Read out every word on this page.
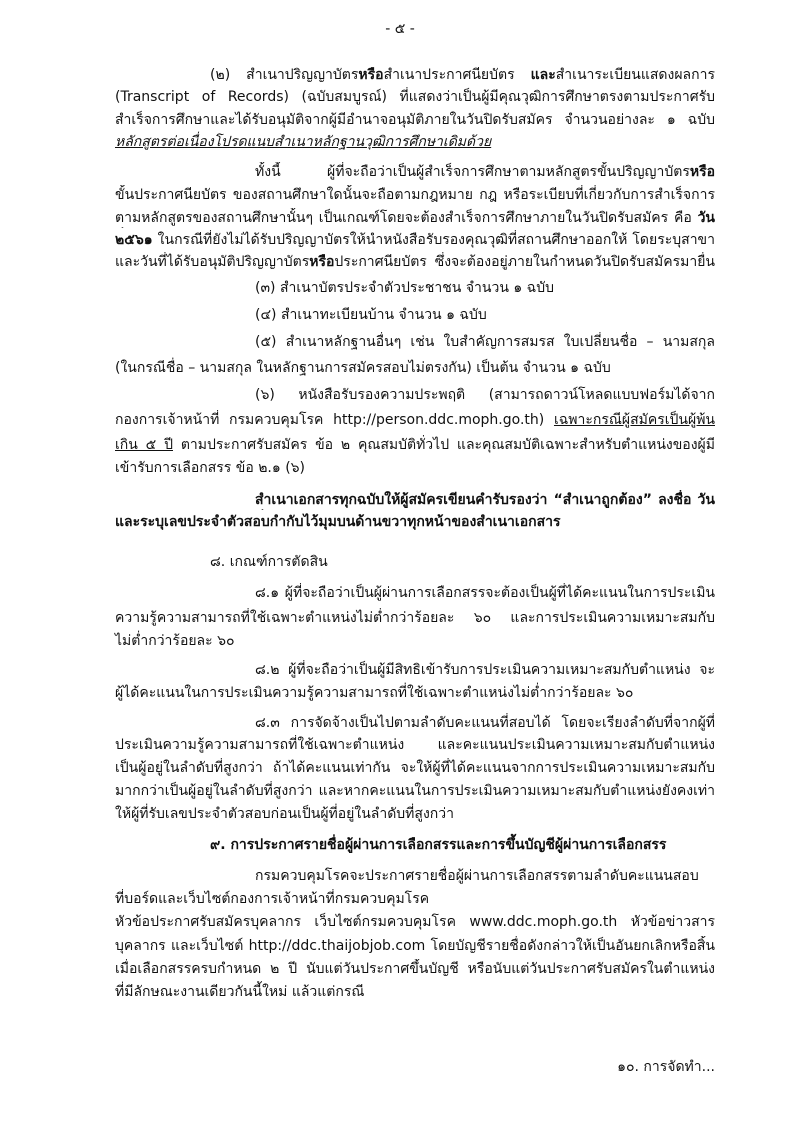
- ๕ -
(๒) สำเนาปริญญาบัตรหรือสำเนาประกาศนียบัตร และสำเนาระเบียนแสดงผลการ
(Transcript of Records) (ฉบับสมบูรณ์) ที่แสดงว่าเป็นผู้มีคุณวุฒิการศึกษาตรงตามประกาศรับ
สำเร็จการศึกษาและได้รับอนุมัติจากผู้มีอำนาจอนุมัติภายในวันปิดรับสมัคร จำนวนอย่างละ ๑ ฉบับ
หลักสูตรต่อเนื่องโปรดแนบสำเนาหลักฐานวุฒิการศึกษาเดิมด้วย
ทั้งนี้ ผู้ที่จะถือว่าเป็นผู้สำเร็จการศึกษาตามหลักสูตรขั้นปริญญาบัตรหรือ
ขั้นประกาศนียบัตร ของสถานศึกษาใดนั้นจะถือตามกฎหมาย กฎ หรือระเบียบที่เกี่ยวกับการสำเร็จการ
ตามหลักสูตรของสถานศึกษานั้นๆ เป็นเกณฑ์โดยจะต้องสำเร็จการศึกษาภายในวันปิดรับสมัคร คือ วัน
๒๕๖๑ ในกรณีที่ยังไม่ได้รับปริญญาบัตรให้นำหนังสือรับรองคุณวุฒิที่สถานศึกษาออกให้ โดยระบุสาขา
และวันที่ได้รับอนุมัติปริญญาบัตรหรือประกาศนียบัตร ซึ่งจะต้องอยู่ภายในกำหนดวันปิดรับสมัครมายื่น
(๓) สำเนาบัตรประจำตัวประชาชน จำนวน ๑ ฉบับ
(๔) สำเนาทะเบียนบ้าน จำนวน ๑ ฉบับ
(๕) สำเนาหลักฐานอื่นๆ เช่น ใบสำคัญการสมรส ใบเปลี่ยนชื่อ – นามสกุล
(ในกรณีชื่อ – นามสกุล ในหลักฐานการสมัครสอบไม่ตรงกัน) เป็นต้น จำนวน ๑ ฉบับ
(๖) หนังสือรับรองความประพฤติ (สามารถดาวน์โหลดแบบฟอร์มได้จาก
กองการเจ้าหน้าที่ กรมควบคุมโรค http://person.ddc.moph.go.th) เฉพาะกรณีผู้สมัครเป็นผู้พ้น
เกิน ๕ ปี ตามประกาศรับสมัคร ข้อ ๒ คุณสมบัติทั่วไป และคุณสมบัติเฉพาะสำหรับตำแหน่งของผู้มี
เข้ารับการเลือกสรร ข้อ ๒.๑ (๖)
สำเนาเอกสารทุกฉบับให้ผู้สมัครเขียนคำรับรองว่า “สำเนาถูกต้อง” ลงชื่อ วัน
และระบุเลขประจำตัวสอบกำกับไว้มุมบนด้านขวาทุกหน้าของสำเนาเอกสาร
๘. เกณฑ์การตัดสิน
๘.๑ ผู้ที่จะถือว่าเป็นผู้ผ่านการเลือกสรรจะต้องเป็นผู้ที่ได้คะแนนในการประเมิน
ความรู้ความสามารถที่ใช้เฉพาะตำแหน่งไม่ต่ำกว่าร้อยละ ๖๐ และการประเมินความเหมาะสมกับ
ไม่ต่ำกว่าร้อยละ ๖๐
๘.๒ ผู้ที่จะถือว่าเป็นผู้มีสิทธิเข้ารับการประเมินความเหมาะสมกับตำแหน่ง จะ
ผู้ได้คะแนนในการประเมินความรู้ความสามารถที่ใช้เฉพาะตำแหน่งไม่ต่ำกว่าร้อยละ ๖๐
๘.๓ การจัดจ้างเป็นไปตามลำดับคะแนนที่สอบได้ โดยจะเรียงลำดับที่จากผู้ที่
ประเมินความรู้ความสามารถที่ใช้เฉพาะตำแหน่ง และคะแนนประเมินความเหมาะสมกับตำแหน่ง
เป็นผู้อยู่ในลำดับที่สูงกว่า ถ้าได้คะแนนเท่ากัน จะให้ผู้ที่ได้คะแนนจากการประเมินความเหมาะสมกับ
มากกว่าเป็นผู้อยู่ในลำดับที่สูงกว่า และหากคะแนนในการประเมินความเหมาะสมกับตำแหน่งยังคงเท่า
ให้ผู้ที่รับเลขประจำตัวสอบก่อนเป็นผู้ที่อยู่ในลำดับที่สูงกว่า
๙. การประกาศรายชื่อผู้ผ่านการเลือกสรรและการขึ้นบัญชีผู้ผ่านการเลือกสรร
กรมควบคุมโรคจะประกาศรายชื่อผู้ผ่านการเลือกสรรตามลำดับคะแนนสอบ
ที่บอร์ดและเว็บไซต์กองการเจ้าหน้าที่กรมควบคุมโรค
หัวข้อประกาศรับสมัครบุคลากร เว็บไซต์กรมควบคุมโรค www.ddc.moph.go.th หัวข้อข่าวสาร
บุคลากร และเว็บไซต์ http://ddc.thaijobjob.com โดยบัญชีรายชื่อดังกล่าวให้เป็นอันยกเลิกหรือสิ้น
เมื่อเลือกสรรครบกำหนด ๒ ปี นับแต่วันประกาศขึ้นบัญชี หรือนับแต่วันประกาศรับสมัครในตำแหน่ง
ที่มีลักษณะงานเดียวกันนี้ใหม่ แล้วแต่กรณี
๑๐. การจัดทำ...
